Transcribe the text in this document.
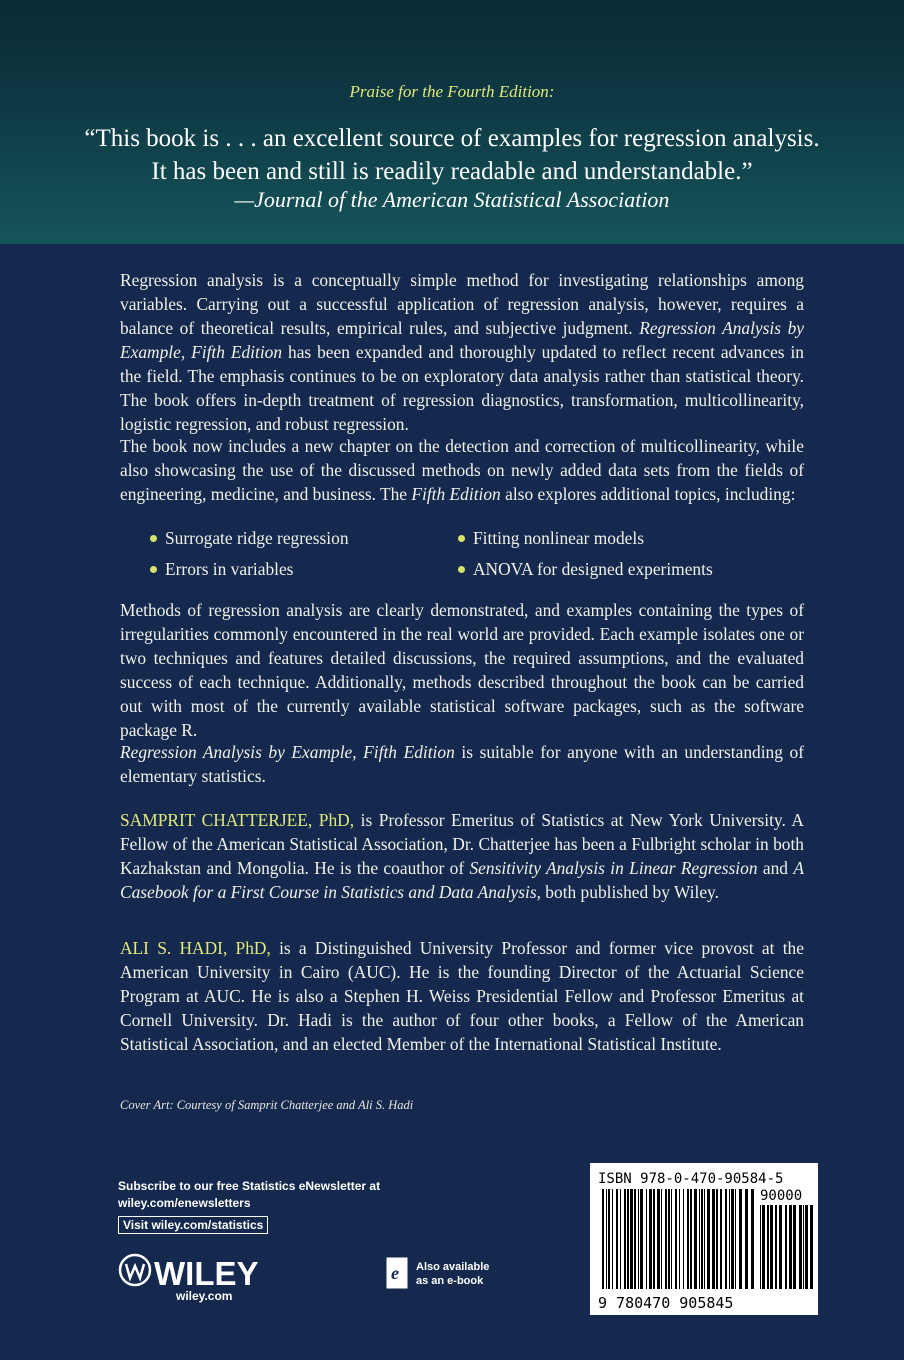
Praise for the Fourth Edition:
“This book is . . . an excellent source of examples for regression analysis.
It has been and still is readily readable and understandable.”
—Journal of the American Statistical Association
Regression analysis is a conceptually simple method for investigating relationships among variables. Carrying out a successful application of regression analysis, however, requires a balance of theoretical results, empirical rules, and subjective judgment. Regression Analysis by Example, Fifth Edition has been expanded and thoroughly updated to reflect recent advances in the field. The emphasis continues to be on exploratory data analysis rather than statistical theory. The book offers in-depth treatment of regression diagnostics, transformation, multicollinearity, logistic regression, and robust regression.
The book now includes a new chapter on the detection and correction of multicollinearity, while also showcasing the use of the discussed methods on newly added data sets from the fields of engineering, medicine, and business. The Fifth Edition also explores additional topics, including:
Surrogate ridge regression	Fitting nonlinear models
Errors in variables	ANOVA for designed experiments
Methods of regression analysis are clearly demonstrated, and examples containing the types of irregularities commonly encountered in the real world are provided. Each example isolates one or two techniques and features detailed discussions, the required assumptions, and the evaluated success of each technique. Additionally, methods described throughout the book can be carried out with most of the currently available statistical software packages, such as the software package R.
Regression Analysis by Example, Fifth Edition is suitable for anyone with an understanding of elementary statistics.
SAMPRIT CHATTERJEE, PhD, is Professor Emeritus of Statistics at New York University. A Fellow of the American Statistical Association, Dr. Chatterjee has been a Fulbright scholar in both Kazhakstan and Mongolia. He is the coauthor of Sensitivity Analysis in Linear Regression and A Casebook for a First Course in Statistics and Data Analysis, both published by Wiley.
ALI S. HADI, PhD, is a Distinguished University Professor and former vice provost at the American University in Cairo (AUC). He is the founding Director of the Actuarial Science Program at AUC. He is also a Stephen H. Weiss Presidential Fellow and Professor Emeritus at Cornell University. Dr. Hadi is the author of four other books, a Fellow of the American Statistical Association, and an elected Member of the International Statistical Institute.
Cover Art: Courtesy of Samprit Chatterjee and Ali S. Hadi
Subscribe to our free Statistics eNewsletter at
wiley.com/enewsletters
Visit wiley.com/statistics
WILEY
wiley.com
e Also available
as an e-book
ISBN 978-0-470-90584-5
90000
9 780470 905845
